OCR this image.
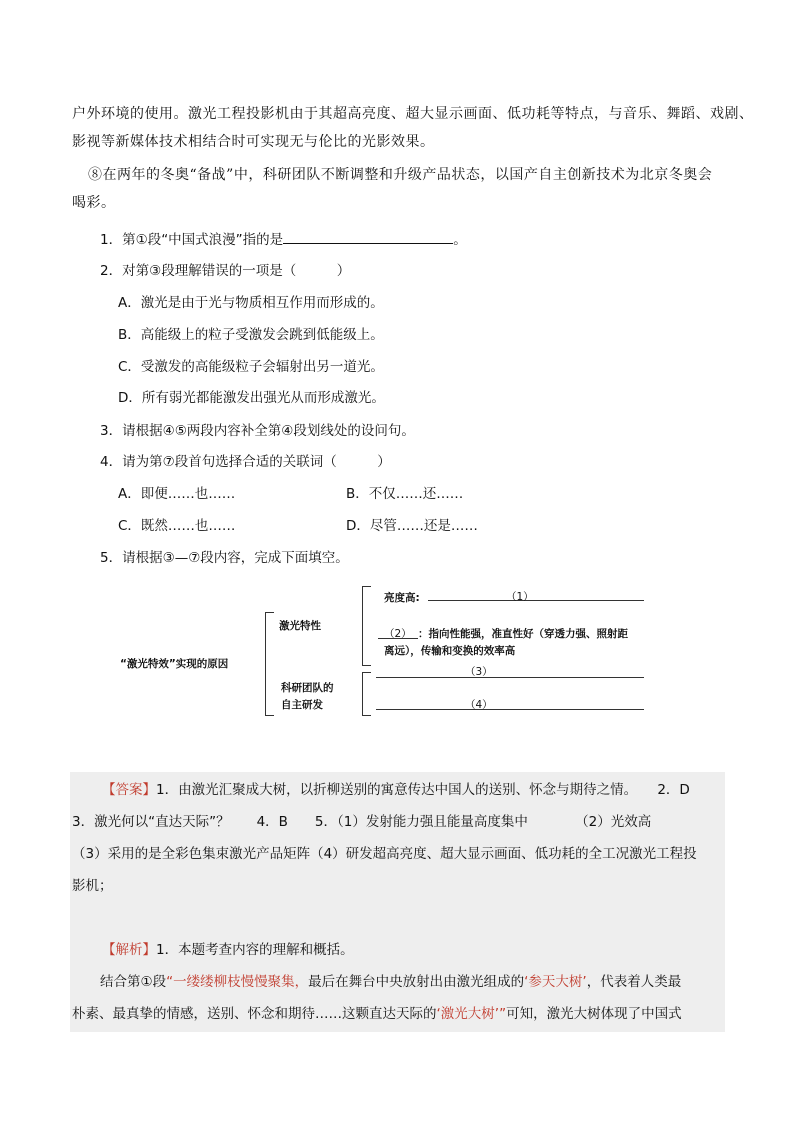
户外环境的使用。激光工程投影机由于其超高亮度、超大显示画面、低功耗等特点，与音乐、舞蹈、戏剧、
影视等新媒体技术相结合时可实现无与伦比的光影效果。
⑧在两年的冬奥“备战”中，科研团队不断调整和升级产品状态，以国产自主创新技术为北京冬奥会
喝彩。
1．第①段“中国式浪漫”指的是	。
2．对第③段理解错误的一项是（　　　）
A．激光是由于光与物质相互作用而形成的。
B．高能级上的粒子受激发会跳到低能级上。
C．受激发的高能级粒子会辐射出另一道光。
D．所有弱光都能激发出强光从而形成激光。
3．请根据④⑤两段内容补全第④段划线处的设问句。
4．请为第⑦段首句选择合适的关联词（　　　）
A．即便……也……	B．不仅……还……
C．既然……也……	D．尽管……还是……
5．请根据③—⑦段内容，完成下面填空。
“激光特效”实现的原因
激光特性
亮度高:	（1）
（2） ：指向性能强，准直性好（穿透力强、照射距
离远），传输和变换的效率高
科研团队的
自主研发
（3）
（4）
【答案】1．由激光汇聚成大树，以折柳送别的寓意传达中国人的送别、怀念与期待之情。　　2．D
3．激光何以“直达天际”？　　4．B　　5．（1）发射能力强且能量高度集中　　　　（2）光效高
（3）采用的是全彩色集束激光产品矩阵（4）研发超高亮度、超大显示画面、低功耗的全工况激光工程投
影机；
【解析】1．本题考查内容的理解和概括。
结合第①段“一缕缕柳枝慢慢聚集，最后在舞台中央放射出由激光组成的‘参天大树’，代表着人类最
朴素、最真挚的情感，送别、怀念和期待……这颗直达天际的‘激光大树’”可知，激光大树体现了中国式
